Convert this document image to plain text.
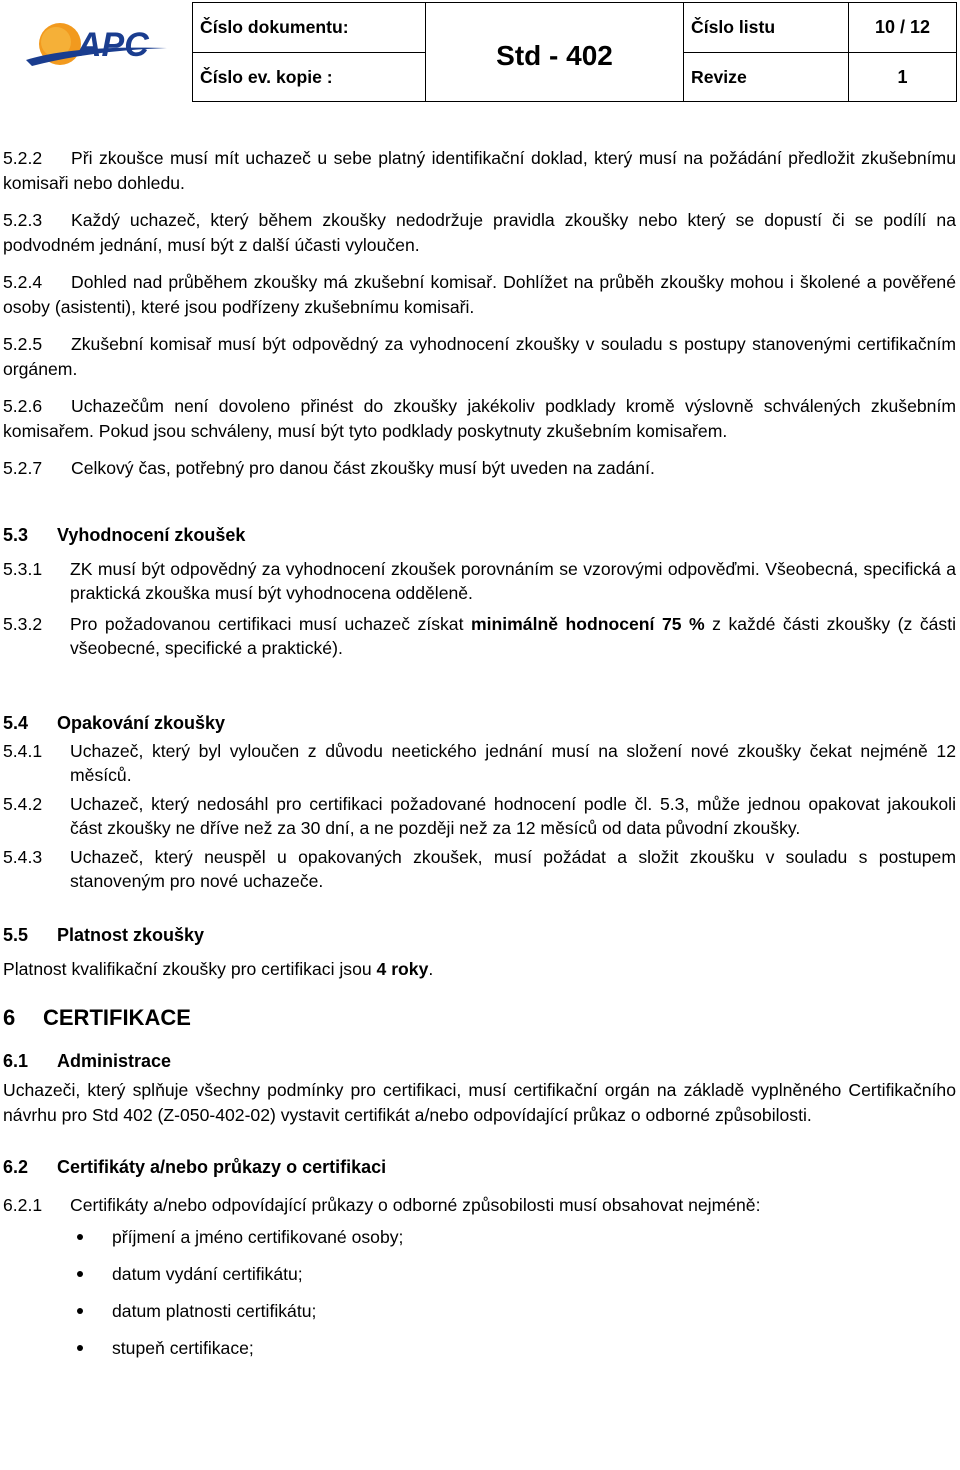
APC	Číslo dokumentu:	Std - 402	Číslo listu	10 / 12
Číslo ev. kopie :		Revize	1

5.2.2 Při zkoušce musí mít uchazeč u sebe platný identifikační doklad, který musí na požádání předložit zkušebnímu komisaři nebo dohledu.

5.2.3 Každý uchazeč, který během zkoušky nedodržuje pravidla zkoušky nebo který se dopustí či se podílí na podvodném jednání, musí být z další účasti vyloučen.

5.2.4 Dohled nad průběhem zkoušky má zkušební komisař. Dohlížet na průběh zkoušky mohou i školené a pověřené osoby (asistenti), které jsou podřízeny zkušebnímu komisaři.

5.2.5 Zkušební komisař musí být odpovědný za vyhodnocení zkoušky v souladu s postupy stanovenými certifikačním orgánem.

5.2.6 Uchazečům není dovoleno přinést do zkoušky jakékoliv podklady kromě výslovně schválených zkušebním komisařem. Pokud jsou schváleny, musí být tyto podklady poskytnuty zkušebním komisařem.

5.2.7 Celkový čas, potřebný pro danou část zkoušky musí být uveden na zadání.

5.3	Vyhodnocení zkoušek
5.3.1	ZK musí být odpovědný za vyhodnocení zkoušek porovnáním se vzorovými odpověďmi. Všeobecná, specifická a praktická zkouška musí být vyhodnocena odděleně.
5.3.2	Pro požadovanou certifikaci musí uchazeč získat minimálně hodnocení 75 % z každé části zkoušky (z části všeobecné, specifické a praktické).
5.4	Opakování zkoušky
5.4.1	Uchazeč, který byl vyloučen z důvodu neetického jednání musí na složení nové zkoušky čekat nejméně 12 měsíců.
5.4.2	Uchazeč, který nedosáhl pro certifikaci požadované hodnocení podle čl. 5.3, může jednou opakovat jakoukoli část zkoušky ne dříve než za 30 dní, a ne později než za 12 měsíců od data původní zkoušky.
5.4.3	Uchazeč, který neuspěl u opakovaných zkoušek, musí požádat a složit zkoušku v souladu s postupem stanoveným pro nové uchazeče.
5.5	Platnost zkoušky

Platnost kvalifikační zkoušky pro certifikaci jsou 4 roky.

6	CERTIFIKACE
6.1	Administrace

Uchazeči, který splňuje všechny podmínky pro certifikaci, musí certifikační orgán na základě vyplněného Certifikačního návrhu pro Std 402 (Z-050-402-02) vystavit certifikát a/nebo odpovídající průkaz o odborné způsobilosti.

6.2	Certifikáty a/nebo průkazy o certifikaci
6.2.1	Certifikáty a/nebo odpovídající průkazy o odborné způsobilosti musí obsahovat nejméně:
příjmení a jméno certifikované osoby;
datum vydání certifikátu;
datum platnosti certifikátu;
stupeň certifikace;
